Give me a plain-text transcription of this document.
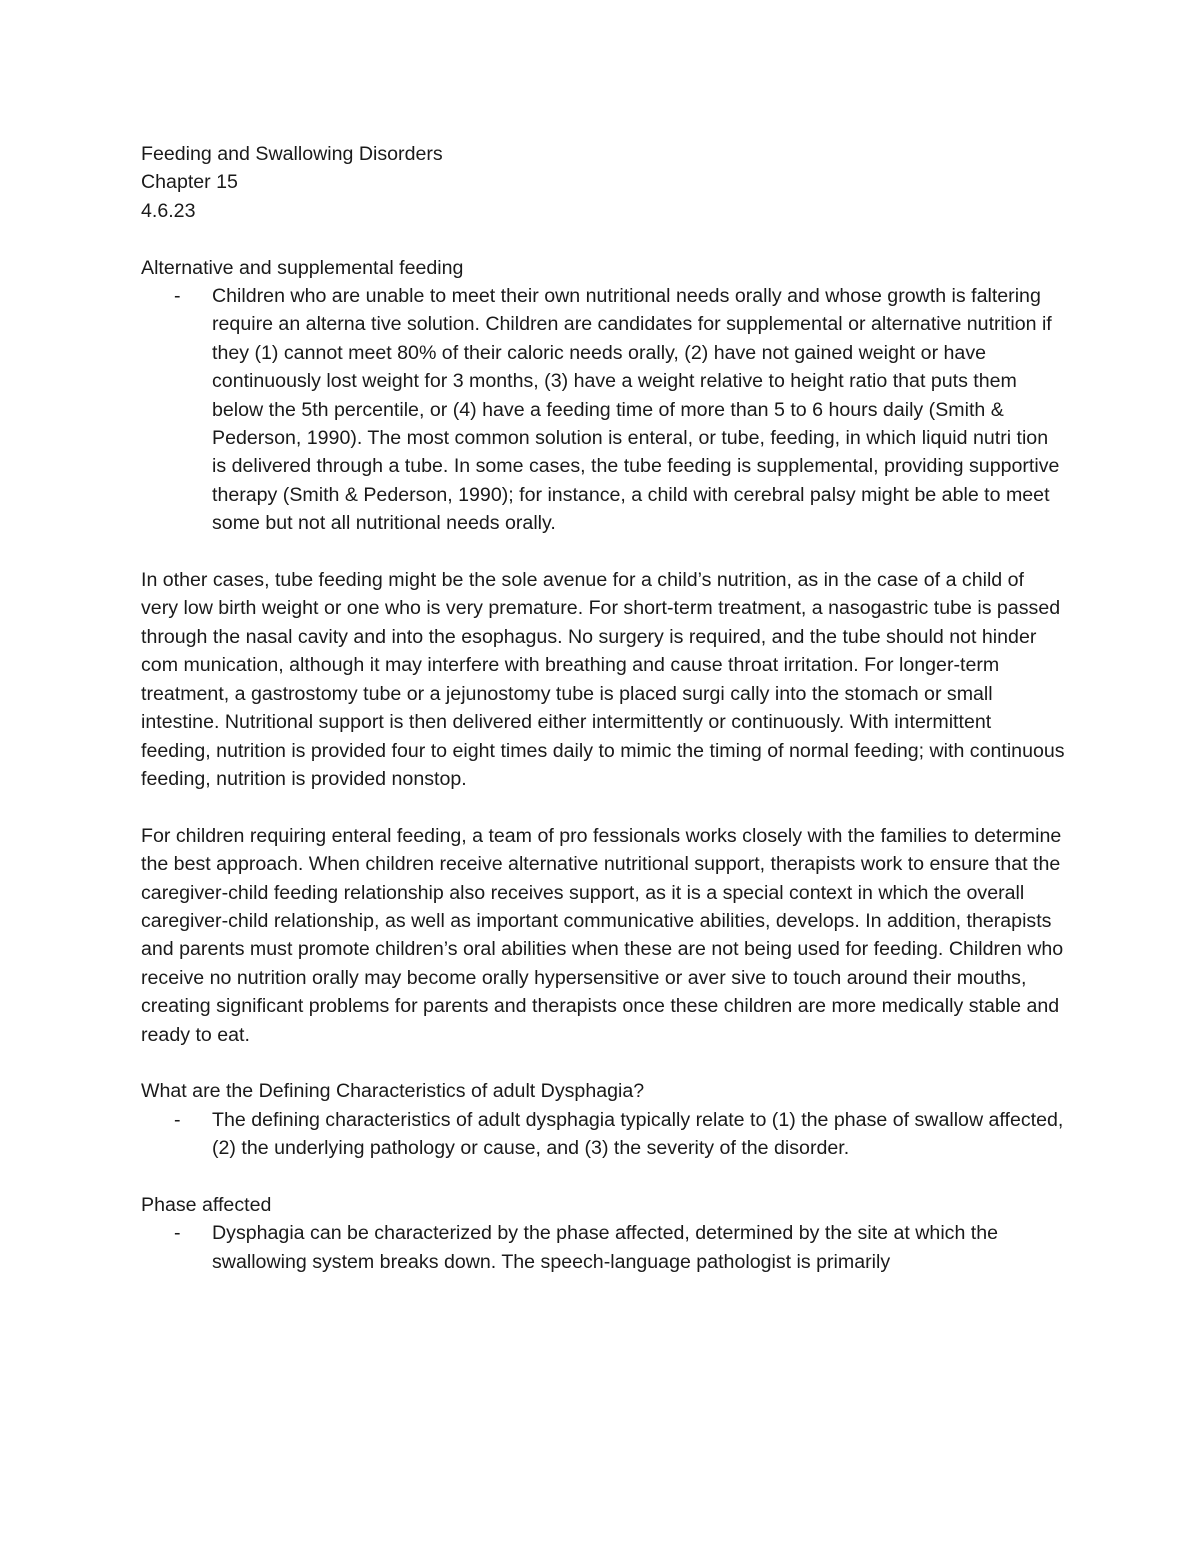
Feeding and Swallowing Disorders

Chapter 15

4.6.23

Alternative and supplemental feeding

- Children who are unable to meet their own nutritional needs orally and whose growth is faltering require an alterna tive solution. Children are candidates for supplemental or alternative nutrition if they (1) cannot meet 80% of their caloric needs orally, (2) have not gained weight or have continuously lost weight for 3 months, (3) have a weight relative to height ratio that puts them below the 5th percentile, or (4) have a feeding time of more than 5 to 6 hours daily (Smith & Pederson, 1990). The most common solution is enteral, or tube, feeding, in which liquid nutri tion is delivered through a tube. In some cases, the tube feeding is supplemental, providing supportive therapy (Smith & Pederson, 1990); for instance, a child with cerebral palsy might be able to meet some but not all nutritional needs orally.

In other cases, tube feeding might be the sole avenue for a child’s nutrition, as in the case of a child of very low birth weight or one who is very premature. For short-term treatment, a nasogastric tube is passed through the nasal cavity and into the esophagus. No surgery is required, and the tube should not hinder com munication, although it may interfere with breathing and cause throat irritation. For longer-term treatment, a gastrostomy tube or a jejunostomy tube is placed surgi cally into the stomach or small intestine. Nutritional support is then delivered either intermittently or continuously. With intermittent feeding, nutrition is provided four to eight times daily to mimic the timing of normal feeding; with continuous feeding, nutrition is provided nonstop.

For children requiring enteral feeding, a team of pro fessionals works closely with the families to determine the best approach. When children receive alternative nutritional support, therapists work to ensure that the caregiver-child feeding relationship also receives support, as it is a special context in which the overall caregiver-child relationship, as well as important communicative abilities, develops. In addition, therapists and parents must promote children’s oral abilities when these are not being used for feeding. Children who receive no nutrition orally may become orally hypersensitive or aver sive to touch around their mouths, creating significant problems for parents and therapists once these children are more medically stable and ready to eat.

What are the Defining Characteristics of adult Dysphagia?

- The defining characteristics of adult dysphagia typically relate to (1) the phase of swallow affected, (2) the underlying pathology or cause, and (3) the severity of the disorder.

Phase affected

- Dysphagia can be characterized by the phase affected, determined by the site at which the swallowing system breaks down. The speech-language pathologist is primarily
